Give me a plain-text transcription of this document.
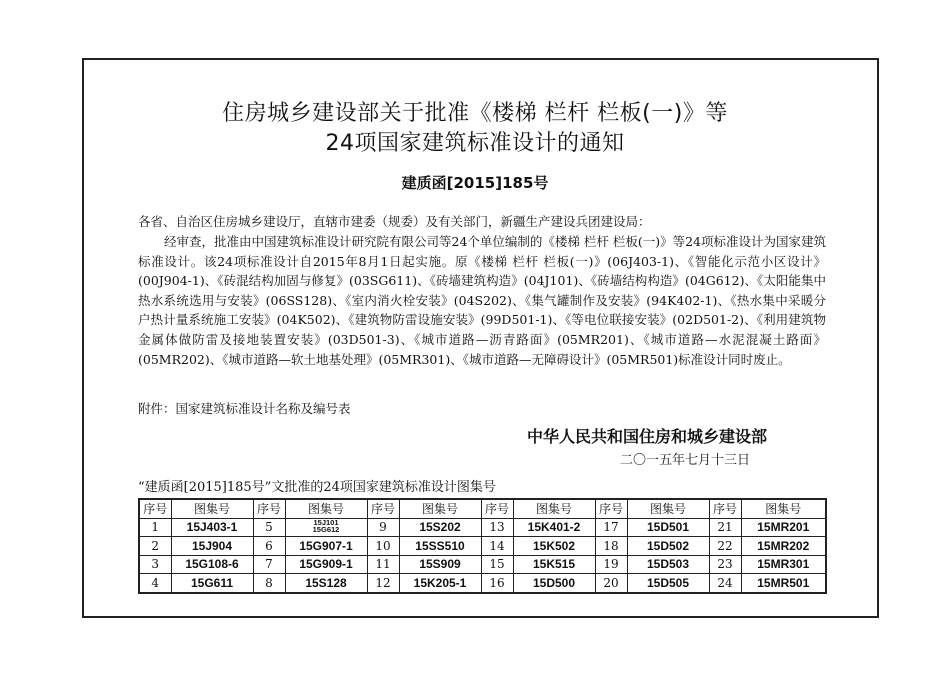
住房城乡建设部关于批准《楼梯 栏杆 栏板(一)》等
24项国家建筑标准设计的通知
建质函[2015]185号
各省、自治区住房城乡建设厅，直辖市建委（规委）及有关部门，新疆生产建设兵团建设局：
经审查，批准由中国建筑标准设计研究院有限公司等24个单位编制的《楼梯 栏杆 栏板(一)》等24项标准设计为国家建筑标准设计。该24项标准设计自2015年8月1日起实施。原《楼梯 栏杆 栏板(一)》(06J403-1)、《智能化示范小区设计》(00J904-1)、《砖混结构加固与修复》(03SG611)、《砖墙建筑构造》(04J101)、《砖墙结构构造》(04G612)、《太阳能集中热水系统选用与安装》(06SS128)、《室内消火栓安装》(04S202)、《集气罐制作及安装》(94K402-1)、《热水集中采暖分户热计量系统施工安装》(04K502)、《建筑物防雷设施安装》(99D501-1)、《等电位联接安装》(02D501-2)、《利用建筑物金属体做防雷及接地装置安装》(03D501-3)、《城市道路—沥青路面》(05MR201)、《城市道路—水泥混凝土路面》(05MR202)、《城市道路—软土地基处理》(05MR301)、《城市道路—无障碍设计》(05MR501)标准设计同时废止。
附件：国家建筑标准设计名称及编号表
中华人民共和国住房和城乡建设部
二〇一五年七月十三日
“建质函[2015]185号”文批准的24项国家建筑标准设计图集号
序号	图集号	序号	图集号	序号	图集号	序号	图集号	序号	图集号	序号	图集号
1	15J403-1	5	15J101 15G612	9	15S202	13	15K401-2	17	15D501	21	15MR201
2	15J904	6	15G907-1	10	15SS510	14	15K502	18	15D502	22	15MR202
3	15G108-6	7	15G909-1	11	15S909	15	15K515	19	15D503	23	15MR301
4	15G611	8	15S128	12	15K205-1	16	15D500	20	15D505	24	15MR501
